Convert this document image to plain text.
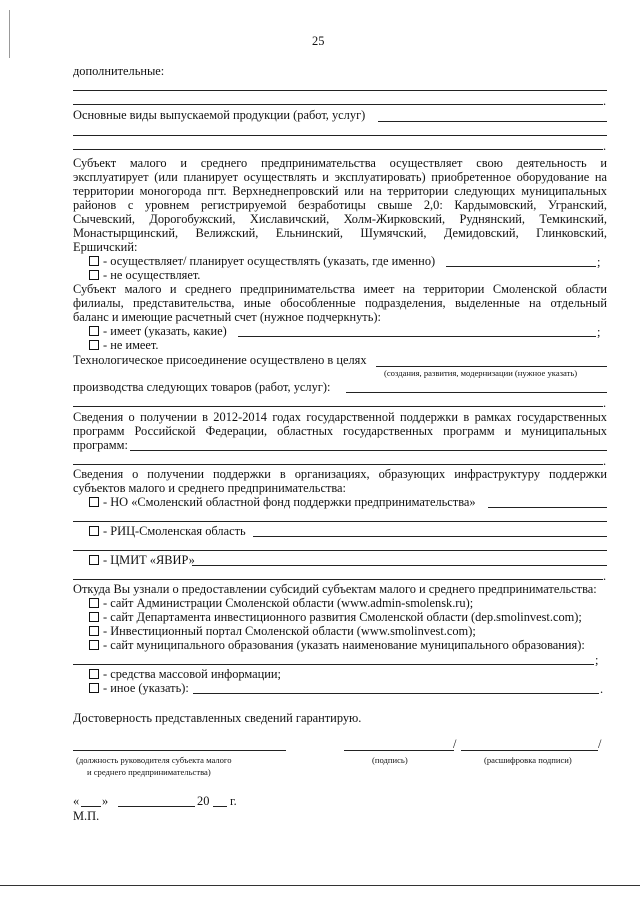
25
дополнительные:
.
Основные виды выпускаемой продукции (работ, услуг)
.
Субъект малого и среднего предпринимательства осуществляет свою деятельность и
эксплуатирует (или планирует осуществлять и эксплуатировать) приобретенное оборудование на
территории моногорода пгт. Верхнеднепровский или на территории следующих муниципальных
районов с уровнем регистрируемой безработицы свыше 2,0: Кардымовский, Угранский,
Сычевский, Дорогобужский, Хиславичский, Холм-Жирковский, Руднянский, Темкинский,
Монастырщинский, Велижский, Ельнинский, Шумячский, Демидовский, Глинковский,
Ершичский:
- осуществляет/ планирует осуществлять (указать, где именно)	;
- не осуществляет.
Субъект малого и среднего предпринимательства имеет на территории Смоленской области
филиалы, представительства, иные обособленные подразделения, выделенные на отдельный
баланс и имеющие расчетный счет (нужное подчеркнуть):
- имеет (указать, какие)	;
- не имеет.
Технологическое присоединение осуществлено в целях
(создания, развития, модернизации (нужное указать)
производства следующих товаров (работ, услуг):
.
Сведения о получении в 2012-2014 годах государственной поддержки в рамках государственных
программ Российской Федерации, областных государственных программ и муниципальных
программ:
.
Сведения о получении поддержки в организациях, образующих инфраструктуру поддержки
субъектов малого и среднего предпринимательства:
- НО «Смоленский областной фонд поддержки предпринимательства»
- РИЦ-Смоленская область
- ЦМИТ «ЯВИР»
.
Откуда Вы узнали о предоставлении субсидий субъектам малого и среднего предпринимательства:
- сайт Администрации Смоленской области (www.admin-smolensk.ru);
- сайт Департамента инвестиционного развития Смоленской области (dep.smolinvest.com);
- Инвестиционный портал Смоленской области (www.smolinvest.com);
- сайт муниципального образования (указать наименование муниципального образования):
;
- средства массовой информации;
- иное (указать):	.
Достоверность представленных сведений гарантирую.
/	/
(должность руководителя субъекта малого
и среднего предпринимательства)
(подпись)	(расшифровка подписи)
« »	20 г.
М.П.
